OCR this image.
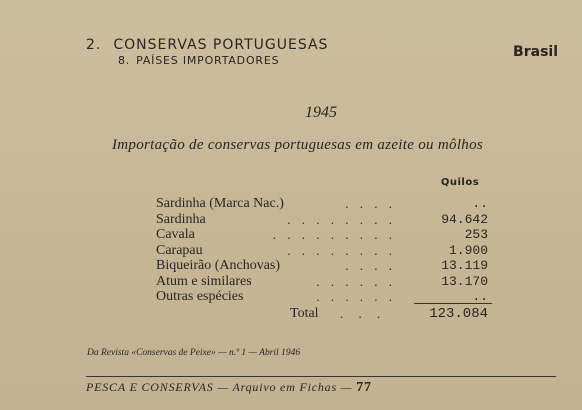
2. CONSERVAS PORTUGUESAS
8. PAÍSES IMPORTADORES
Brasil
1945
Importação de conservas portuguesas em azeite ou môlhos
Quilos
Sardinha (Marca Nac.)	. . . .	..
Sardinha	. . . . . . . .	94.642
Cavala	. . . . . . . . .	253
Carapau	. . . . . . . .	1.900
Biqueirão (Anchovas)	. . . .	13.119
Atum e similares	. . . . . .	13.170
Outras espécies	. . . . . .	..
Total . . .	123.084
Da Revista «Conservas de Peixe» — n.º 1 — Abril 1946
PESCA E CONSERVAS — Arquivo em Fichas — 77
